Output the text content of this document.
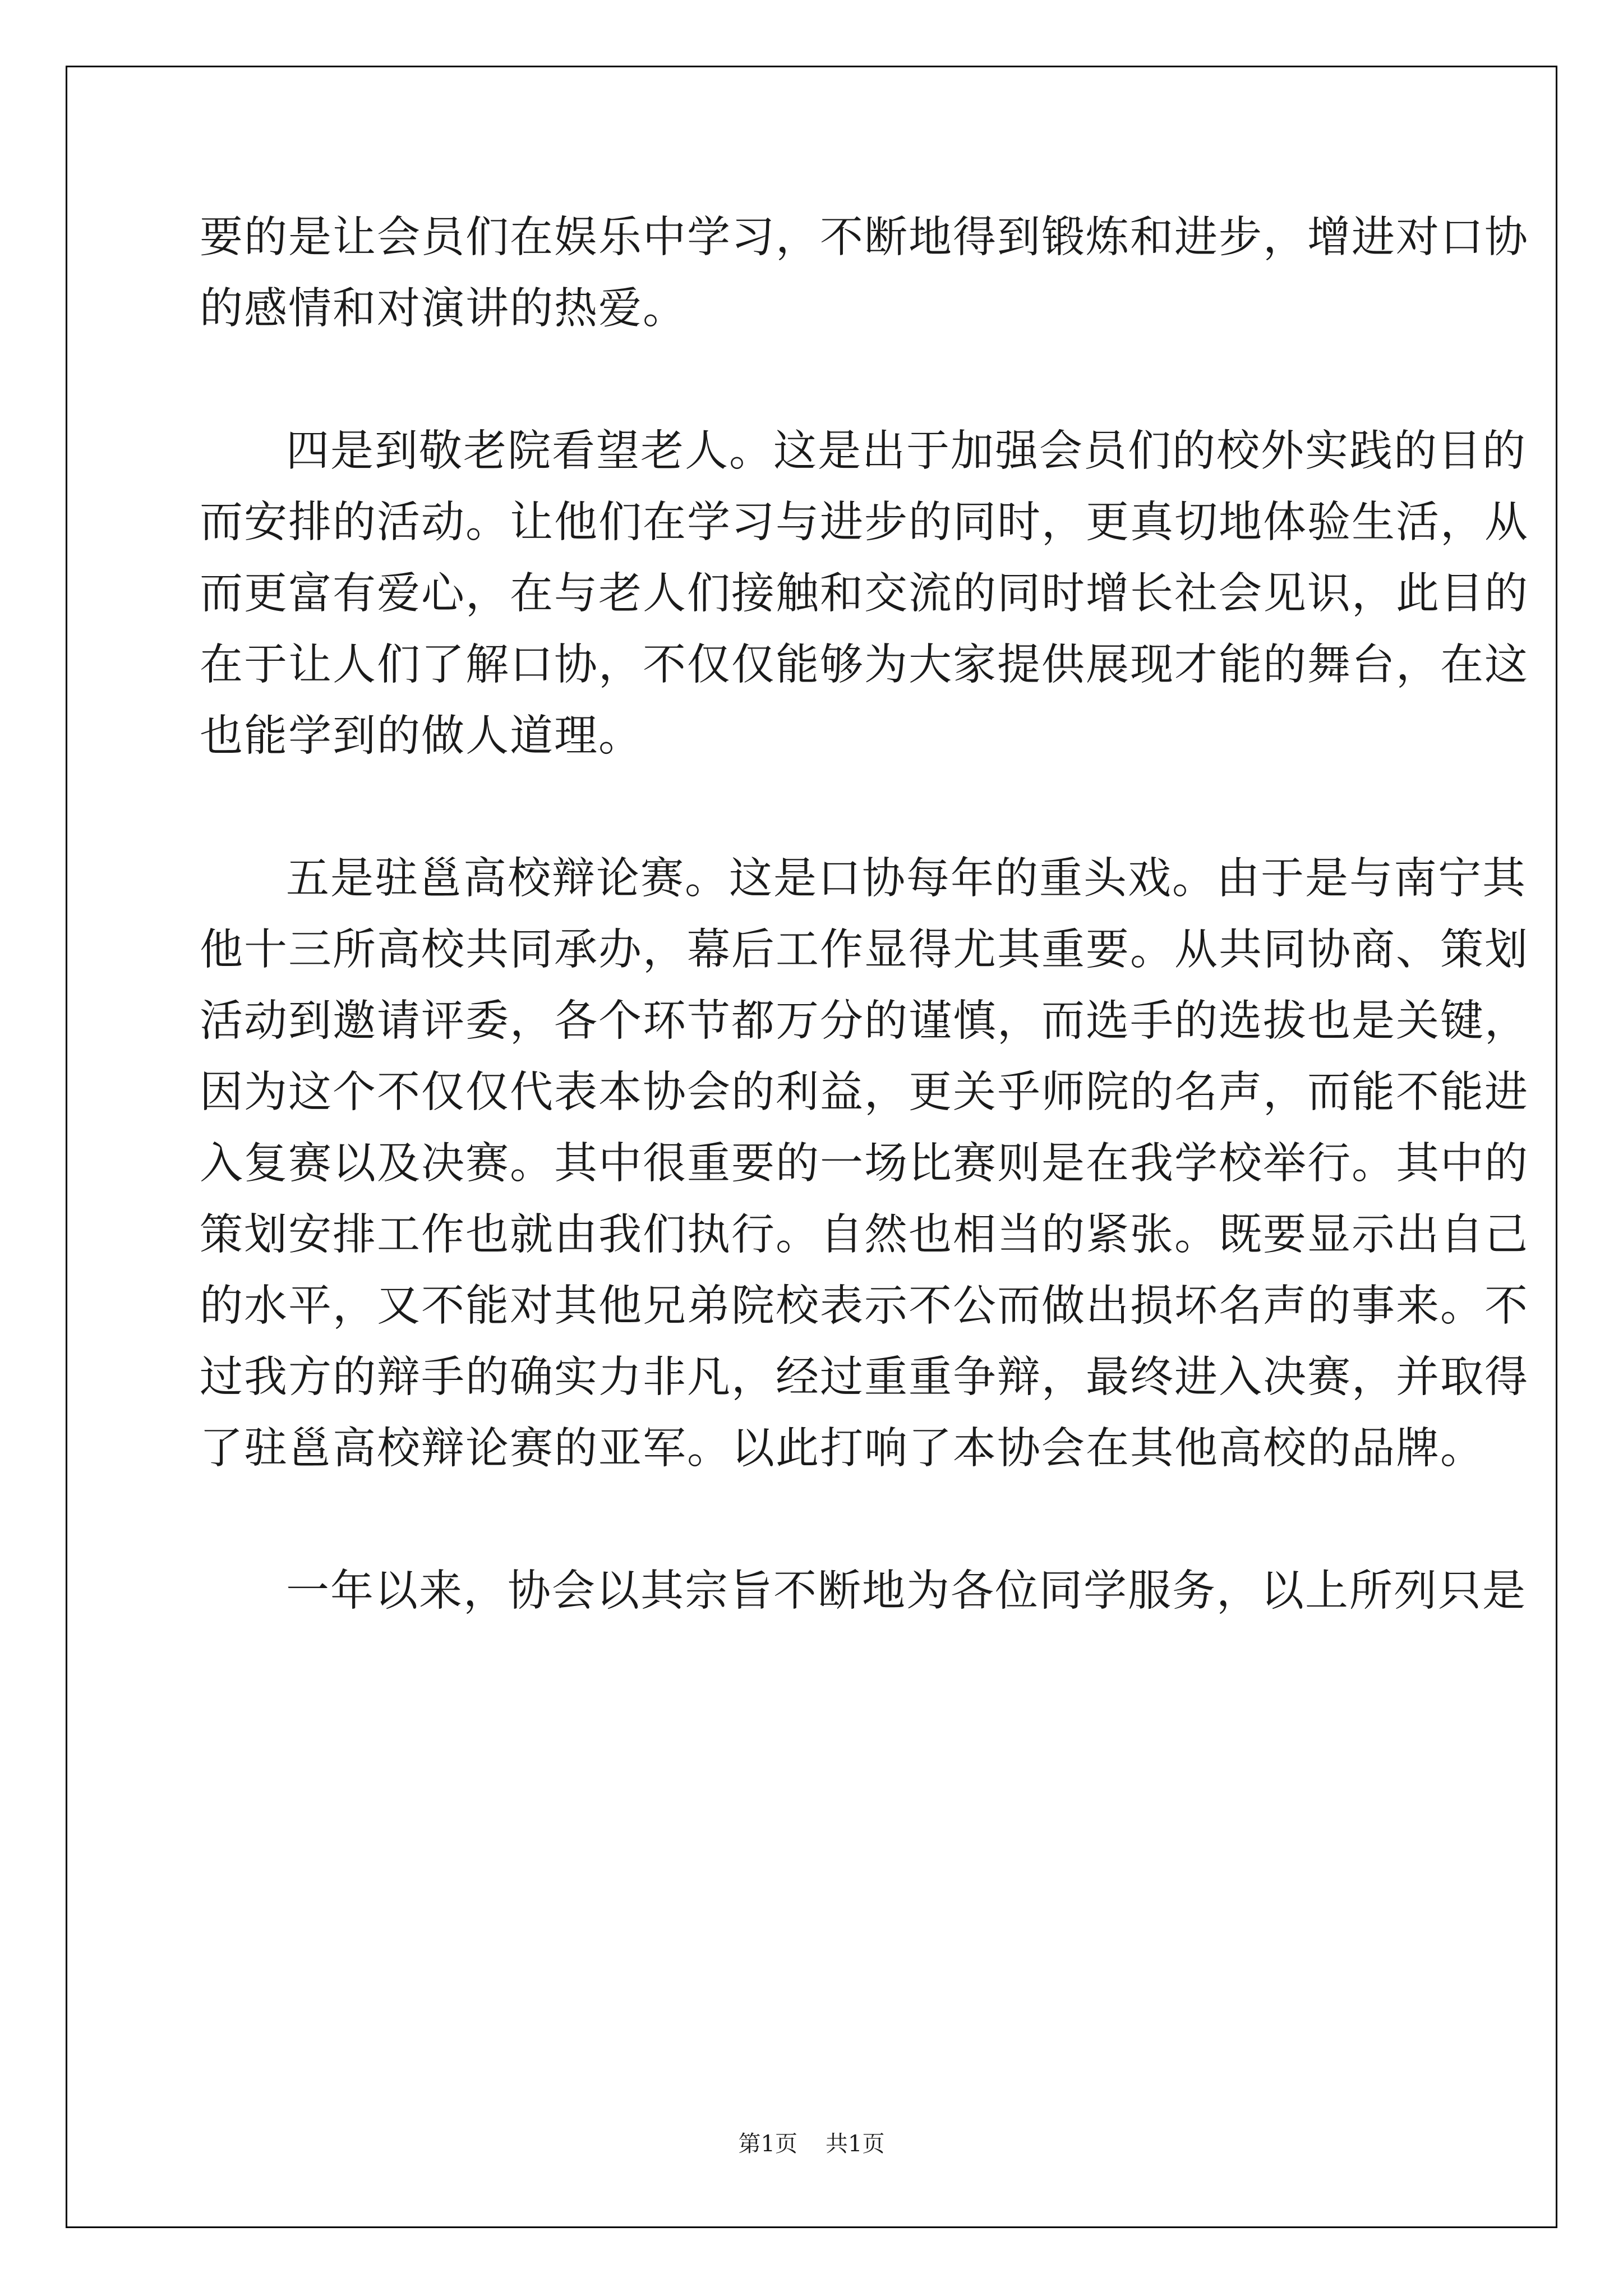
要的是让会员们在娱乐中学习，不断地得到锻炼和进步，增进对口协
的感情和对演讲的热爱。
四是到敬老院看望老人。这是出于加强会员们的校外实践的目的
而安排的活动。让他们在学习与进步的同时，更真切地体验生活，从
而更富有爱心，在与老人们接触和交流的同时增长社会见识，此目的
在于让人们了解口协，不仅仅能够为大家提供展现才能的舞台，在这
也能学到的做人道理。
五是驻邕高校辩论赛。这是口协每年的重头戏。由于是与南宁其
他十三所高校共同承办，幕后工作显得尤其重要。从共同协商、策划
活动到邀请评委，各个环节都万分的谨慎，而选手的选拔也是关键，
因为这个不仅仅代表本协会的利益，更关乎师院的名声，而能不能进
入复赛以及决赛。其中很重要的一场比赛则是在我学校举行。其中的
策划安排工作也就由我们执行。自然也相当的紧张。既要显示出自己
的水平，又不能对其他兄弟院校表示不公而做出损坏名声的事来。不
过我方的辩手的确实力非凡，经过重重争辩，最终进入决赛，并取得
了驻邕高校辩论赛的亚军。以此打响了本协会在其他高校的品牌。
一年以来，协会以其宗旨不断地为各位同学服务，以上所列只是
第1页 共1页
